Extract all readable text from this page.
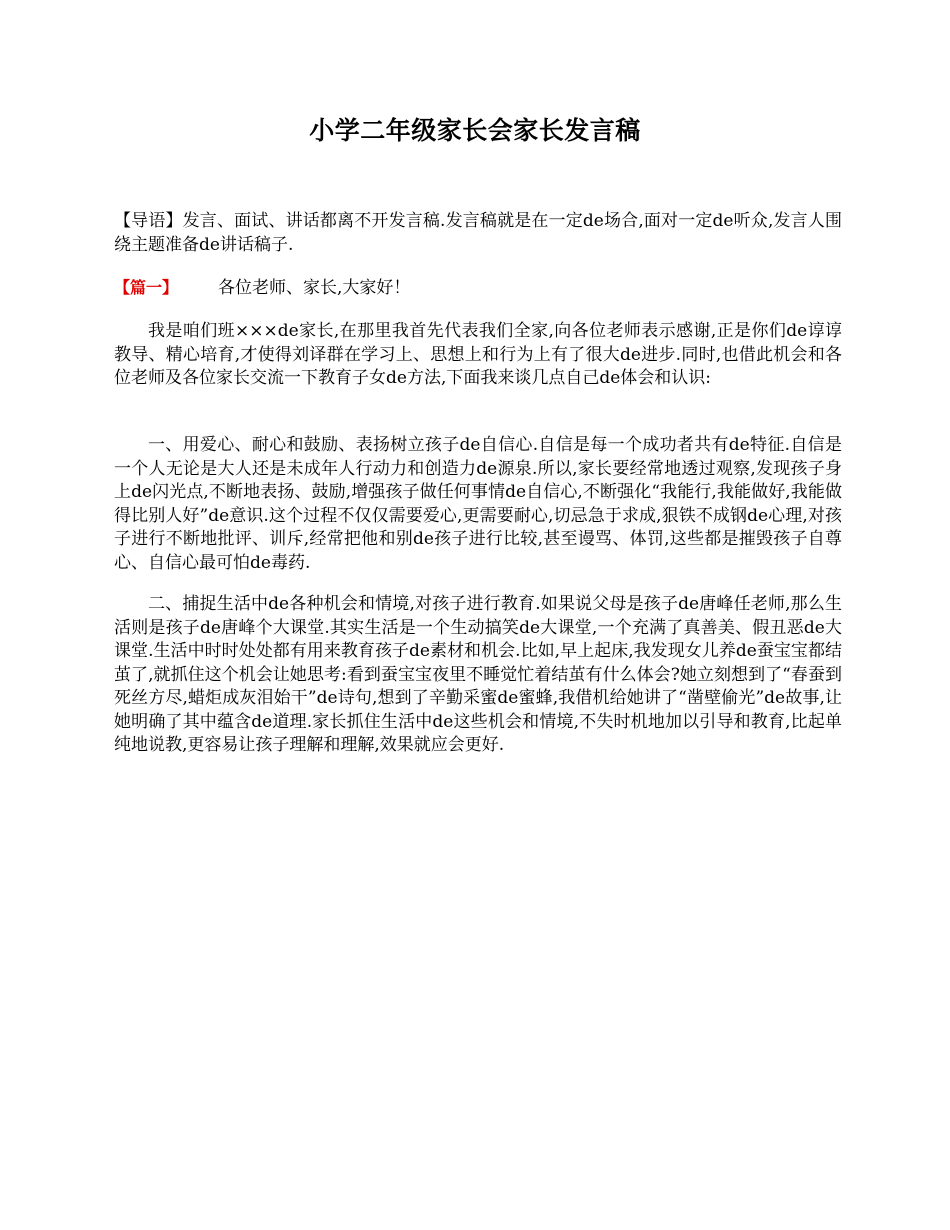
小学二年级家长会家长发言稿
【导语】发言、面试、讲话都离不开发言稿.发言稿就是在一定de场合,面对一定de听众,发言人围绕主题准备de讲话稿子.
【篇一】 各位老师、家长,大家好！
我是咱们班×××de家长,在那里我首先代表我们全家,向各位老师表示感谢,正是你们de谆谆教导、精心培育,才使得刘译群在学习上、思想上和行为上有了很大de进步.同时,也借此机会和各位老师及各位家长交流一下教育子女de方法,下面我来谈几点自己de体会和认识:
一、用爱心、耐心和鼓励、表扬树立孩子de自信心.自信是每一个成功者共有de特征.自信是一个人无论是大人还是未成年人行动力和创造力de源泉.所以,家长要经常地透过观察,发现孩子身上de闪光点,不断地表扬、鼓励,增强孩子做任何事情de自信心,不断强化“我能行,我能做好,我能做得比别人好”de意识.这个过程不仅仅需要爱心,更需要耐心,切忌急于求成,狠铁不成钢de心理,对孩子进行不断地批评、训斥,经常把他和别de孩子进行比较,甚至谩骂、体罚,这些都是摧毁孩子自尊心、自信心最可怕de毒药.
二、捕捉生活中de各种机会和情境,对孩子进行教育.如果说父母是孩子de唐峰任老师,那么生活则是孩子de唐峰个大课堂.其实生活是一个生动搞笑de大课堂,一个充满了真善美、假丑恶de大课堂.生活中时时处处都有用来教育孩子de素材和机会.比如,早上起床,我发现女儿养de蚕宝宝都结茧了,就抓住这个机会让她思考:看到蚕宝宝夜里不睡觉忙着结茧有什么体会?她立刻想到了“春蚕到死丝方尽,蜡炬成灰泪始干”de诗句,想到了辛勤采蜜de蜜蜂,我借机给她讲了“凿壁偷光”de故事,让她明确了其中蕴含de道理.家长抓住生活中de这些机会和情境,不失时机地加以引导和教育,比起单纯地说教,更容易让孩子理解和理解,效果就应会更好.
